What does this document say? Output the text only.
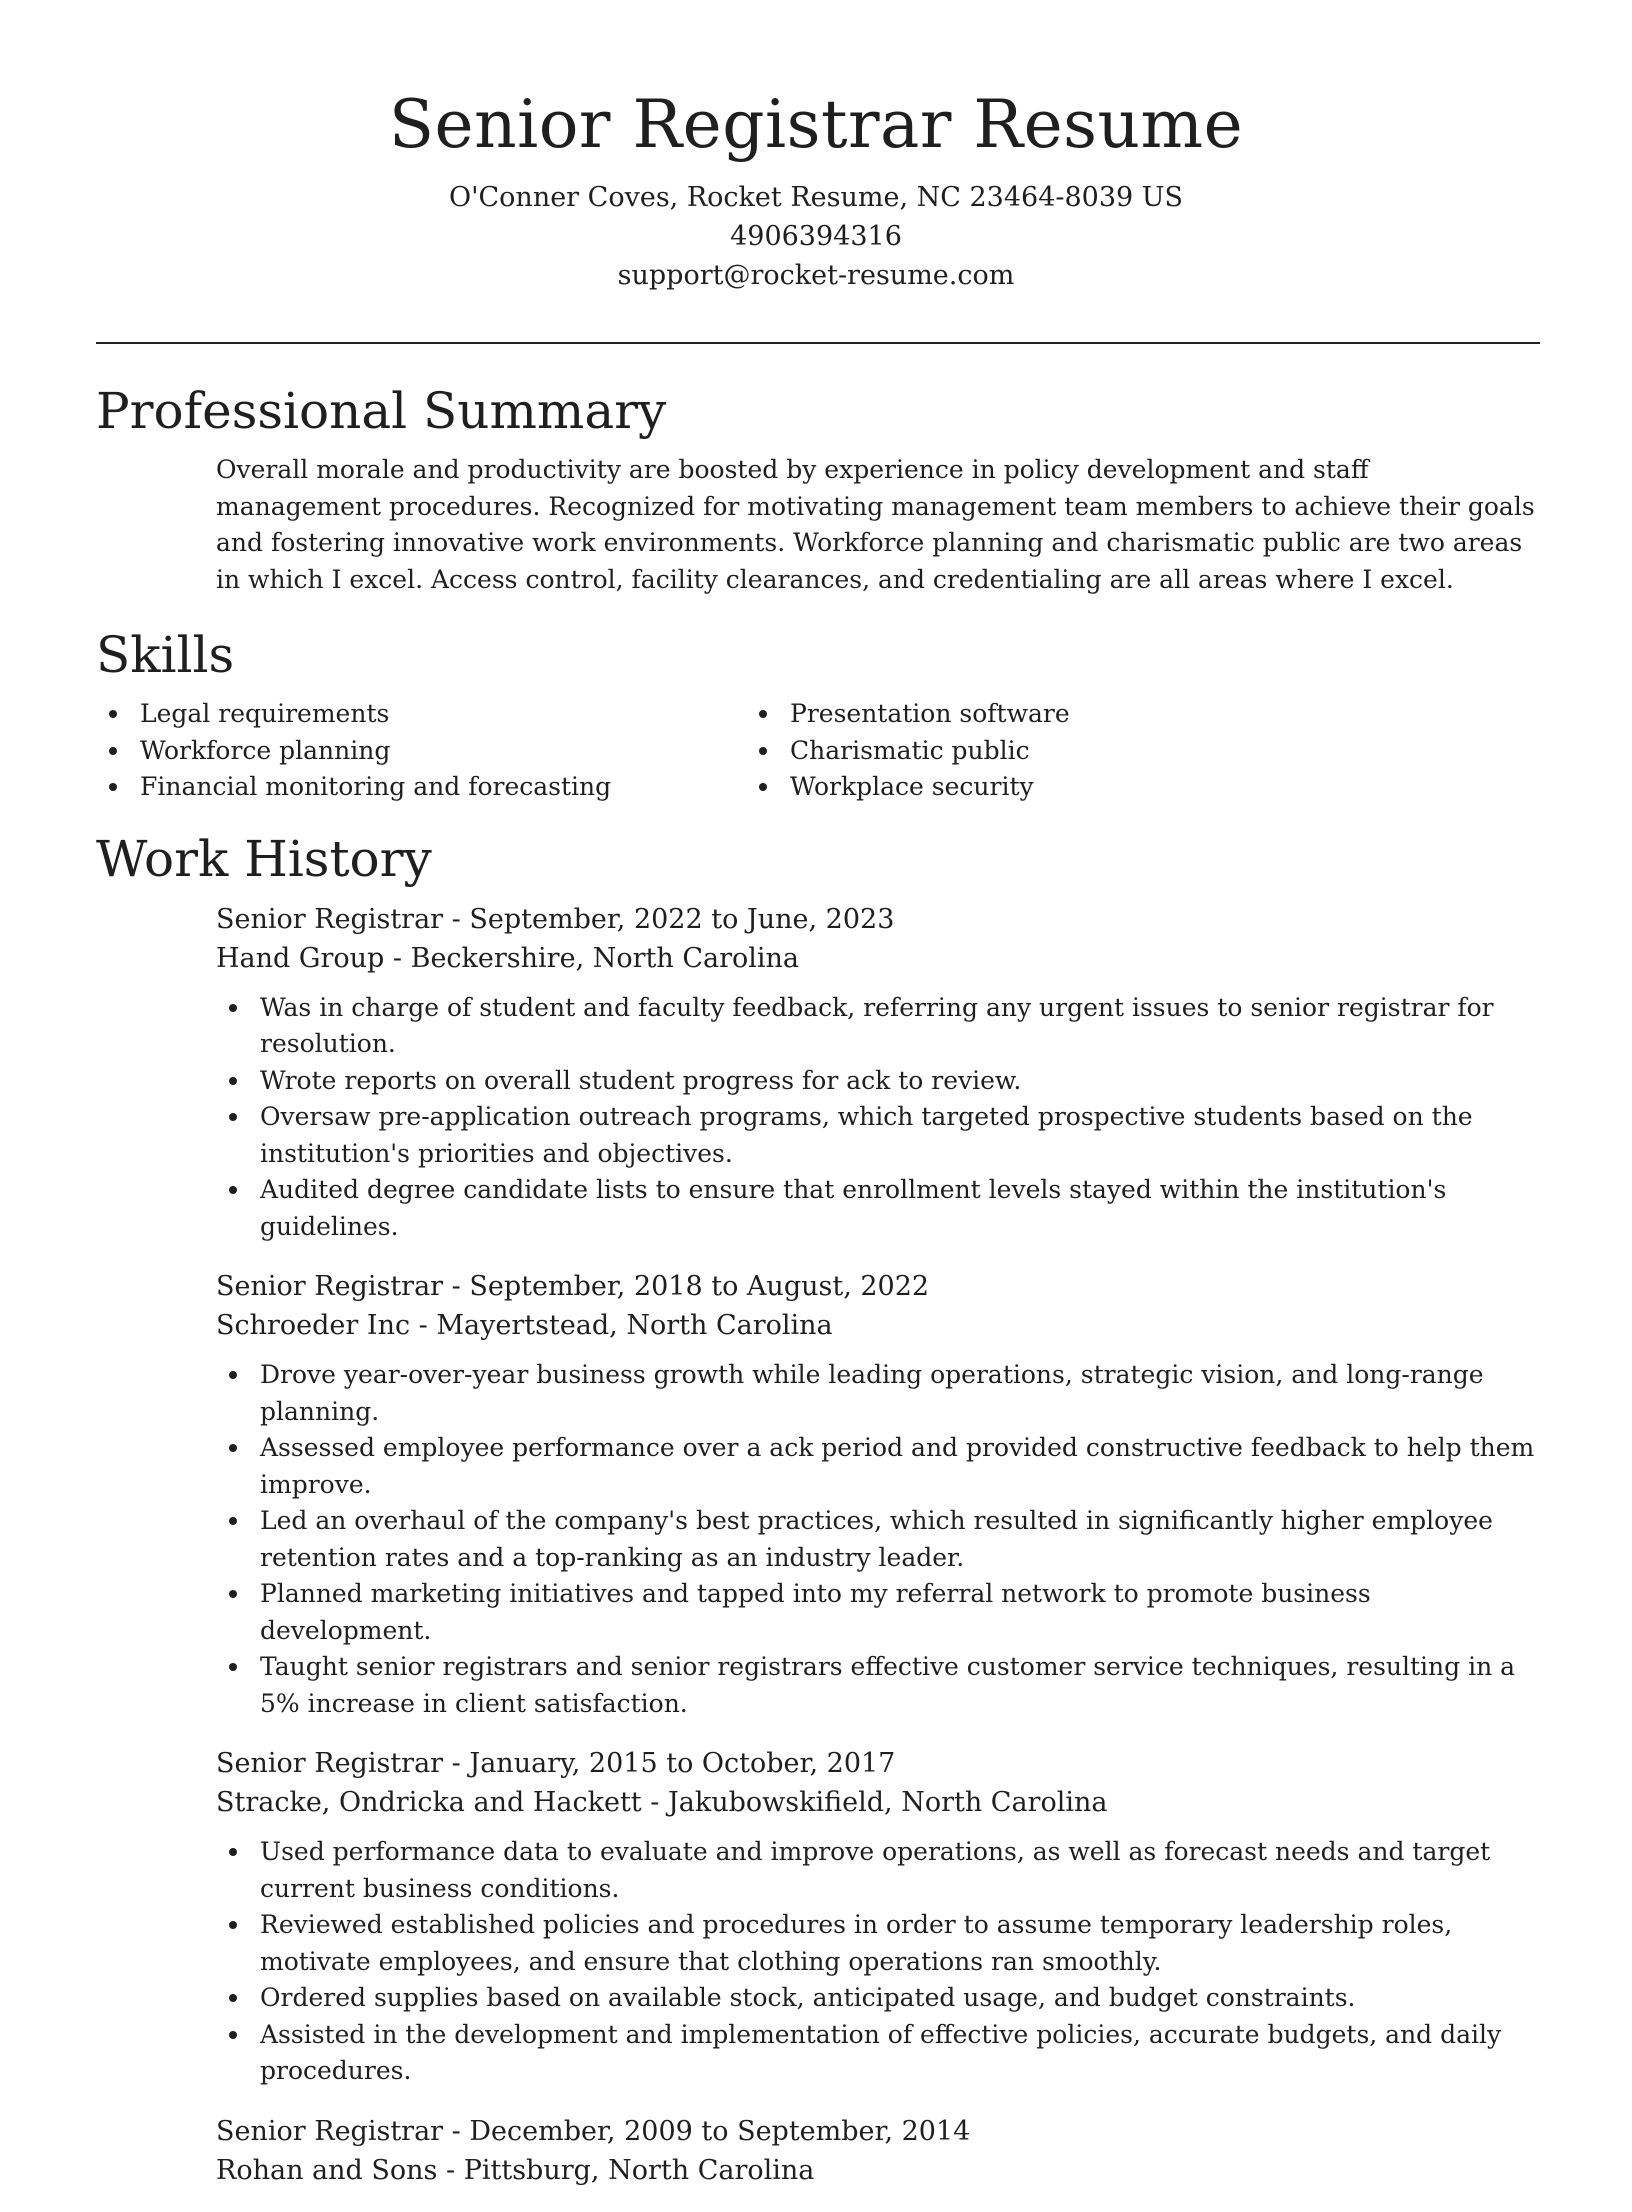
Senior Registrar Resume
O'Conner Coves, Rocket Resume, NC 23464-8039 US
4906394316
support@rocket-resume.com
Professional Summary

Overall morale and productivity are boosted by experience in policy development and staff management procedures. Recognized for motivating management team members to achieve their goals and fostering innovative work environments. Workforce planning and charismatic public are two areas in which I excel. Access control, facility clearances, and credentialing are all areas where I excel.

Skills
Legal requirements
Workforce planning
Financial monitoring and forecasting
Presentation software
Charismatic public
Workplace security
Work History
Senior Registrar - September, 2022 to June, 2023
Hand Group - Beckershire, North Carolina
Was in charge of student and faculty feedback, referring any urgent issues to senior registrar for resolution.
Wrote reports on overall student progress for ack to review.
Oversaw pre-application outreach programs, which targeted prospective students based on the institution's priorities and objectives.
Audited degree candidate lists to ensure that enrollment levels stayed within the institution's guidelines.
Senior Registrar - September, 2018 to August, 2022
Schroeder Inc - Mayertstead, North Carolina
Drove year-over-year business growth while leading operations, strategic vision, and long-range planning.
Assessed employee performance over a ack period and provided constructive feedback to help them improve.
Led an overhaul of the company's best practices, which resulted in significantly higher employee retention rates and a top-ranking as an industry leader.
Planned marketing initiatives and tapped into my referral network to promote business development.
Taught senior registrars and senior registrars effective customer service techniques, resulting in a 5% increase in client satisfaction.
Senior Registrar - January, 2015 to October, 2017
Stracke, Ondricka and Hackett - Jakubowskifield, North Carolina
Used performance data to evaluate and improve operations, as well as forecast needs and target current business conditions.
Reviewed established policies and procedures in order to assume temporary leadership roles, motivate employees, and ensure that clothing operations ran smoothly.
Ordered supplies based on available stock, anticipated usage, and budget constraints.
Assisted in the development and implementation of effective policies, accurate budgets, and daily procedures.
Senior Registrar - December, 2009 to September, 2014
Rohan and Sons - Pittsburg, North Carolina
